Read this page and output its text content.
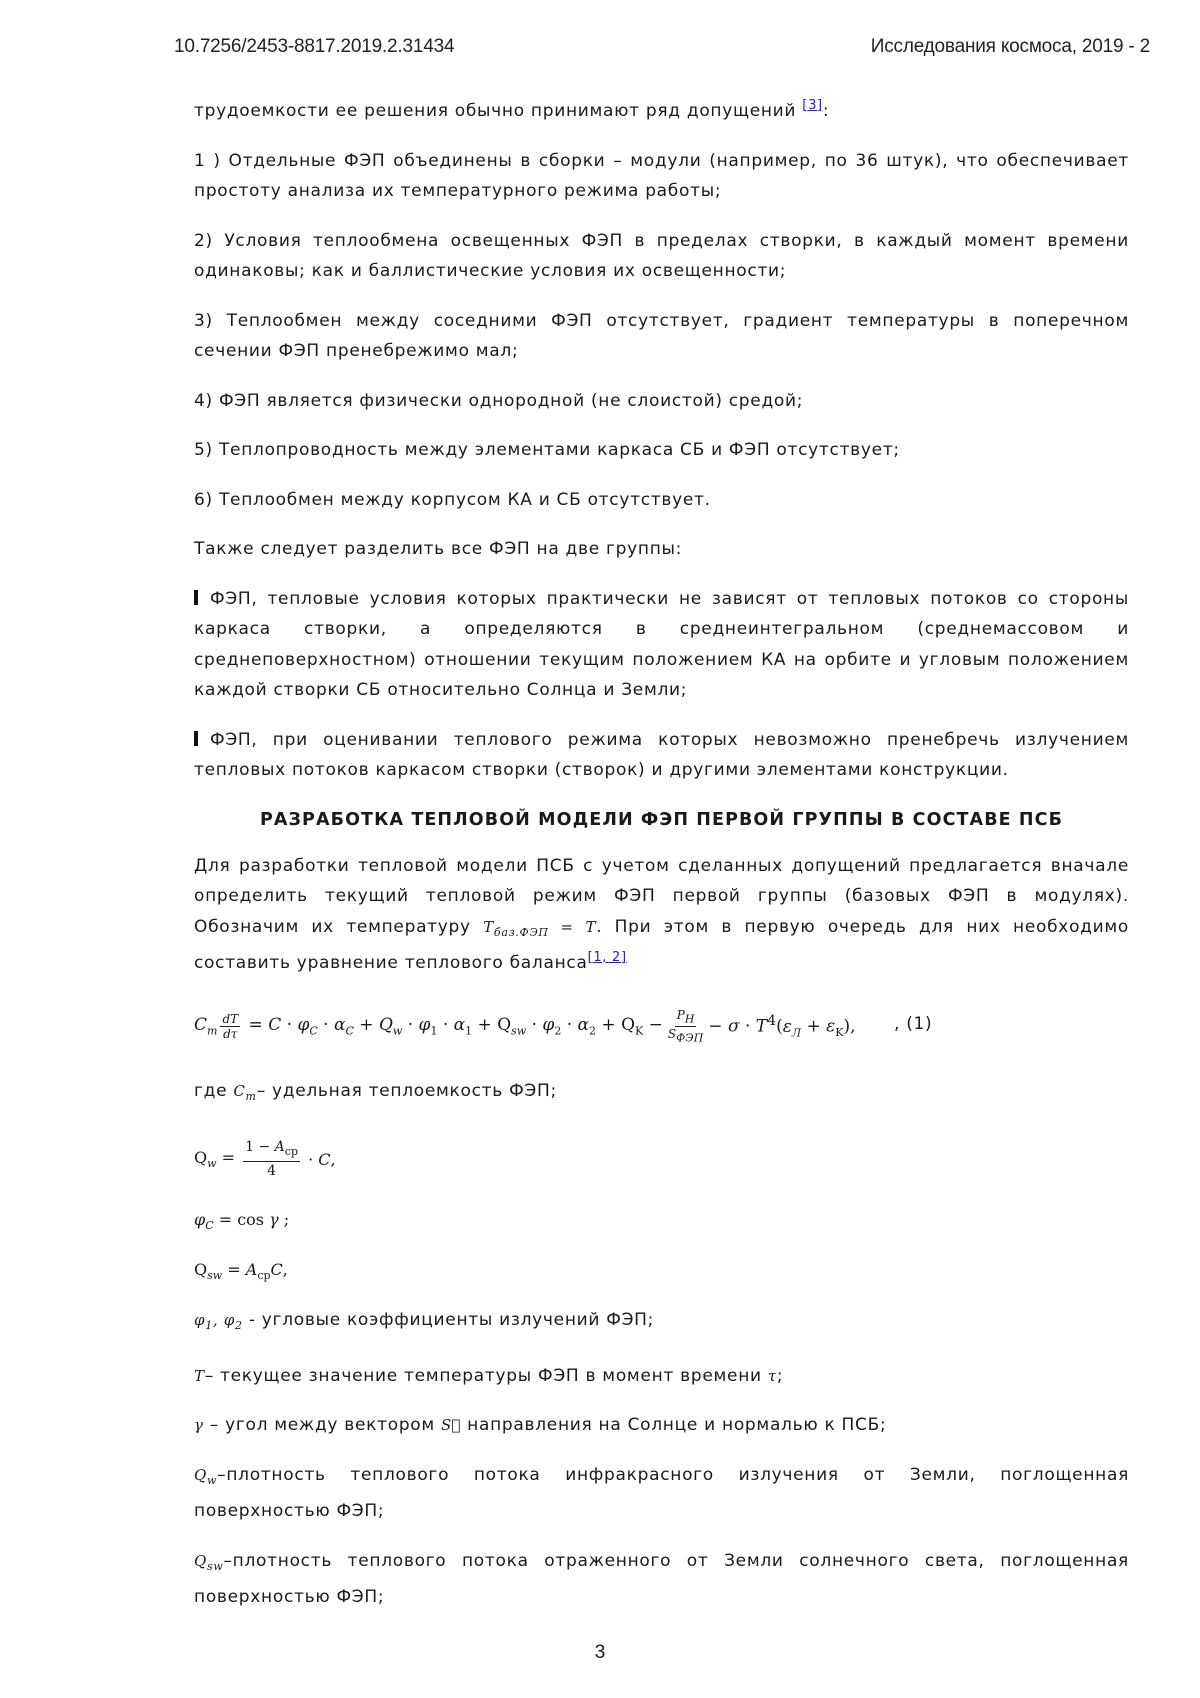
10.7256/2453-8817.2019.2.31434	Исследования космоса, 2019 - 2

трудоемкости ее решения обычно принимают ряд допущений [3]:

1 ) Отдельные ФЭП объединены в сборки – модули (например, по 36 штук), что обеспечивает простоту анализа их температурного режима работы;

2) Условия теплообмена освещенных ФЭП в пределах створки, в каждый момент времени одинаковы; как и баллистические условия их освещенности;

3) Теплообмен между соседними ФЭП отсутствует, градиент температуры в поперечном сечении ФЭП пренебрежимо мал;

4) ФЭП является физически однородной (не слоистой) средой;

5) Теплопроводность между элементами каркаса СБ и ФЭП отсутствует;

6) Теплообмен между корпусом КА и СБ отсутствует.

Также следует разделить все ФЭП на две группы:

ФЭП, тепловые условия которых практически не зависят от тепловых потоков со стороны каркаса створки, а определяются в среднеинтегральном (среднемассовом и среднеповерхностном) отношении текущим положением КА на орбите и угловым положением каждой створки СБ относительно Солнца и Земли;

ФЭП, при оценивании теплового режима которых невозможно пренебречь излучением тепловых потоков каркасом створки (створок) и другими элементами конструкции.

РАЗРАБОТКА ТЕПЛОВОЙ МОДЕЛИ ФЭП ПЕРВОЙ ГРУППЫ В СОСТАВЕ ПСБ

Для разработки тепловой модели ПСБ с учетом сделанных допущений предлагается вначале определить текущий тепловой режим ФЭП первой группы (базовых ФЭП в модулях). Обозначим их температуру $T_{баз.ФЭП} = T$. При этом в первую очередь для них необходимо составить уравнение теплового баланса[1, 2]

$C_m \frac{dT}{d\tau} = C \cdot \varphi_C \cdot \alpha_C + Q_w \cdot \varphi_1 \cdot \alpha_1 + Q_{sw} \cdot \varphi_2 \cdot \alpha_2 + Q_K - \frac{P_Н}{S_{ФЭП}} - \sigma \cdot T^4(\varepsilon_Л + \varepsilon_K)$, , (1)

где $C_m-$ удельная теплоемкость ФЭП;

$Q_w = \frac{1 - A_{ср}}{4} \cdot C$,
$\varphi_C = \cos \gamma$ ;
$Q_{sw} = A_{ср}C$,

$\varphi_1$, $\varphi_2$ - угловые коэффициенты излучений ФЭП;

T– текущее значение температуры ФЭП в момент времени τ;

γ – угол между вектором S⃗ направления на Солнце и нормалью к ПСБ;

$Q_w$–плотность теплового потока инфракрасного излучения от Земли, поглощенная поверхностью ФЭП;

$Q_{sw}$–плотность теплового потока отраженного от Земли солнечного света, поглощенная поверхностью ФЭП;

3
